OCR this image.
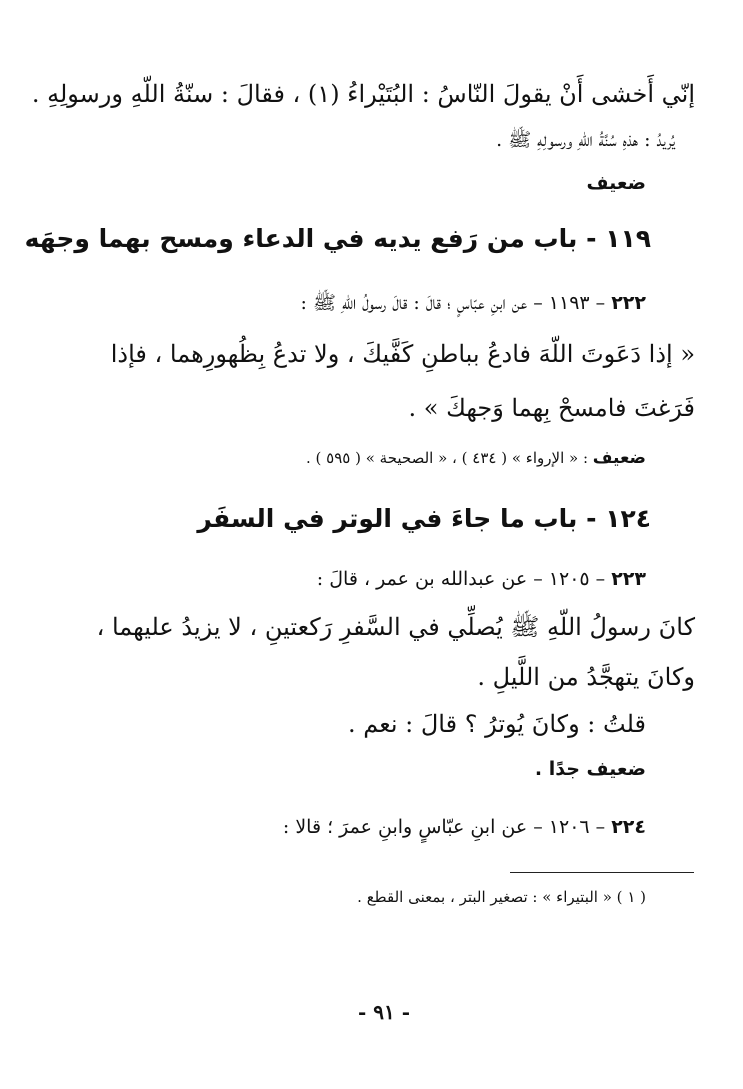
إنّي أَخشى أَنْ يقولَ النّاسُ : البُتَيْراءُ (١) ، فقالَ : سنّةُ اللّهِ ورسولِهِ .
يُريدُ : هذهِ سُنَّةُ اللّهِ ورسولِهِ ﷺ .
ضعيف
١١٩ - باب من رَفع يديه في الدعاء ومسح بهما وجهَه
٢٢٢ – ١١٩٣ – عن ابنِ عبّاسٍ ؛ قالَ : قالَ رسولُ اللّهِ ﷺ :
« إذا دَعَوتَ اللّهَ فادعُ بباطنِ كَفَّيكَ ، ولا تدعُ بِظُهورِهما ، فإذا
فَرَغتَ فامسحْ بِهما وَجهكَ » .
ضعيف : « الإرواء » ( ٤٣٤ ) ، « الصحيحة » ( ٥٩٥ ) .
١٢٤ - باب ما جاءَ في الوتر في السفَر
٢٢٣ – ١٢٠٥ – عن عبدالله بن عمر ، قالَ :
كانَ رسولُ اللّهِ ﷺ يُصلِّي في السَّفرِ رَكعتينِ ، لا يزيدُ عليهما ،
وكانَ يتهجَّدُ من اللَّيلِ .
قلتُ : وكانَ يُوترُ ؟ قالَ : نعم .
ضعيف جدًا .
٢٢٤ – ١٢٠٦ – عن ابنِ عبّاسٍ وابنِ عمرَ ؛ قالا :
( ١ ) « البتيراء » : تصغير البتر ، بمعنى القطع .
- ٩١ -
